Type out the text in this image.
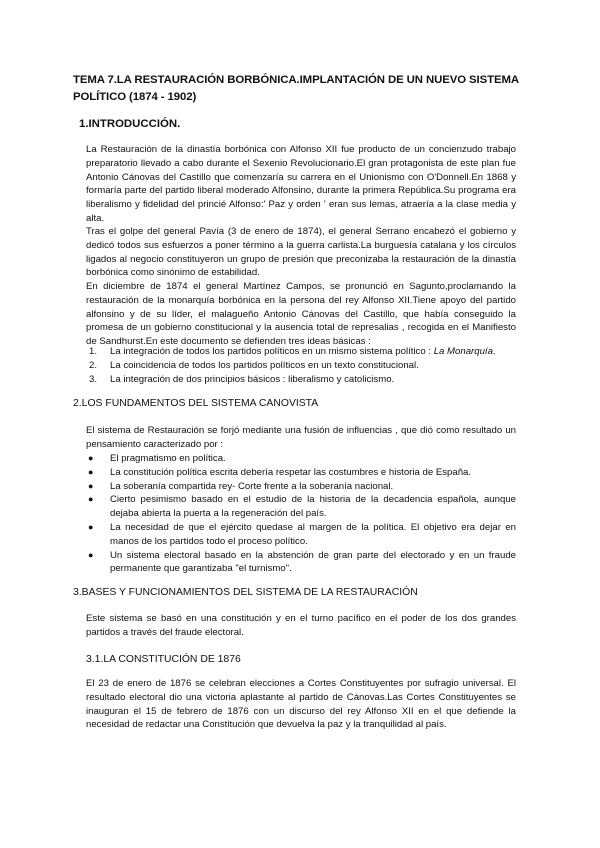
TEMA 7.LA RESTAURACIÓN BORBÓNICA.IMPLANTACIÓN DE UN NUEVO SISTEMA POLÍTICO (1874 - 1902)
1.INTRODUCCIÓN.

La Restauración de la dinastía borbónica con Alfonso XII fue producto de un concienzudo trabajo preparatorio llevado a cabo durante el Sexenio Revolucionario.El gran protagonista de este plan fue Antonio Cánovas del Castillo que comenzaría su carrera en el Unionismo con O'Donnell.En 1868 y formaría parte del partido liberal moderado Alfonsino, durante la primera República.Su programa era liberalismo y fidelidad del princié Alfonso:' Paz y orden ' eran sus lemas, atraería a la clase media y alta.

Tras el golpe del general Pavía (3 de enero de 1874), el general Serrano encabezó el gobierno y dedicó todos sus esfuerzos a poner término a la guerra carlista.La burguesía catalana y los círculos ligados al negocio constituyeron un grupo de presión que preconizaba la restauración de la dinastía borbónica como sinónimo de estabilidad.

En diciembre de 1874 el general Martínez Campos, se pronunció en Sagunto,proclamando la restauración de la monarquía borbónica en la persona del rey Alfonso XII.Tiene apoyo del partido alfonsino y de su líder, el malagueño Antonio Cánovas del Castillo, que había conseguido la promesa de un gobierno constitucional y la ausencia total de represalias , recogida en el Manifiesto de Sandhurst.En este documento se defienden tres ideas básicas :

1. La integración de todos los partidos políticos en un mismo sistema político : La Monarquía.
2. La coincidencia de todos los partidos políticos en un texto constitucional.
3. La integración de dos principios básicos : liberalismo y catolicismo.
2.LOS FUNDAMENTOS DEL SISTEMA CANOVISTA

El sistema de Restauración se forjó mediante una fusión de influencias , que dió como resultado un pensamiento caracterizado por :

● El pragmatismo en política.
● La constitución política escrita debería respetar las costumbres e historia de España.
● La soberanía compartida rey- Corte frente a la soberanía nacional.
● Cierto pesimismo basado en el estudio de la historia de la decadencia española, aunque dejaba abierta la puerta a la regeneración del país.
● La necesidad de que el ejército quedase al margen de la política. El objetivo era dejar en manos de los partidos todo el proceso político.
● Un sistema electoral basado en la abstención de gran parte del electorado y en un fraude permanente que garantizaba "el turnismo".
3.BASES Y FUNCIONAMIENTOS DEL SISTEMA DE LA RESTAURACIÓN

Este sistema se basó en una constitución y en el turno pacífico en el poder de los dos grandes partidos a través del fraude electoral.

3.1.LA CONSTITUCIÓN DE 1876

El 23 de enero de 1876 se celebran elecciones a Cortes Constituyentes por sufragio universal. El resultado electoral dio una victoria aplastante al partido de Cánovas.Las Cortes Constituyentes se inauguran el 15 de febrero de 1876 con un discurso del rey Alfonso XII en el que defiende la necesidad de redactar una Constitución que devuelva la paz y la tranquilidad al país.
